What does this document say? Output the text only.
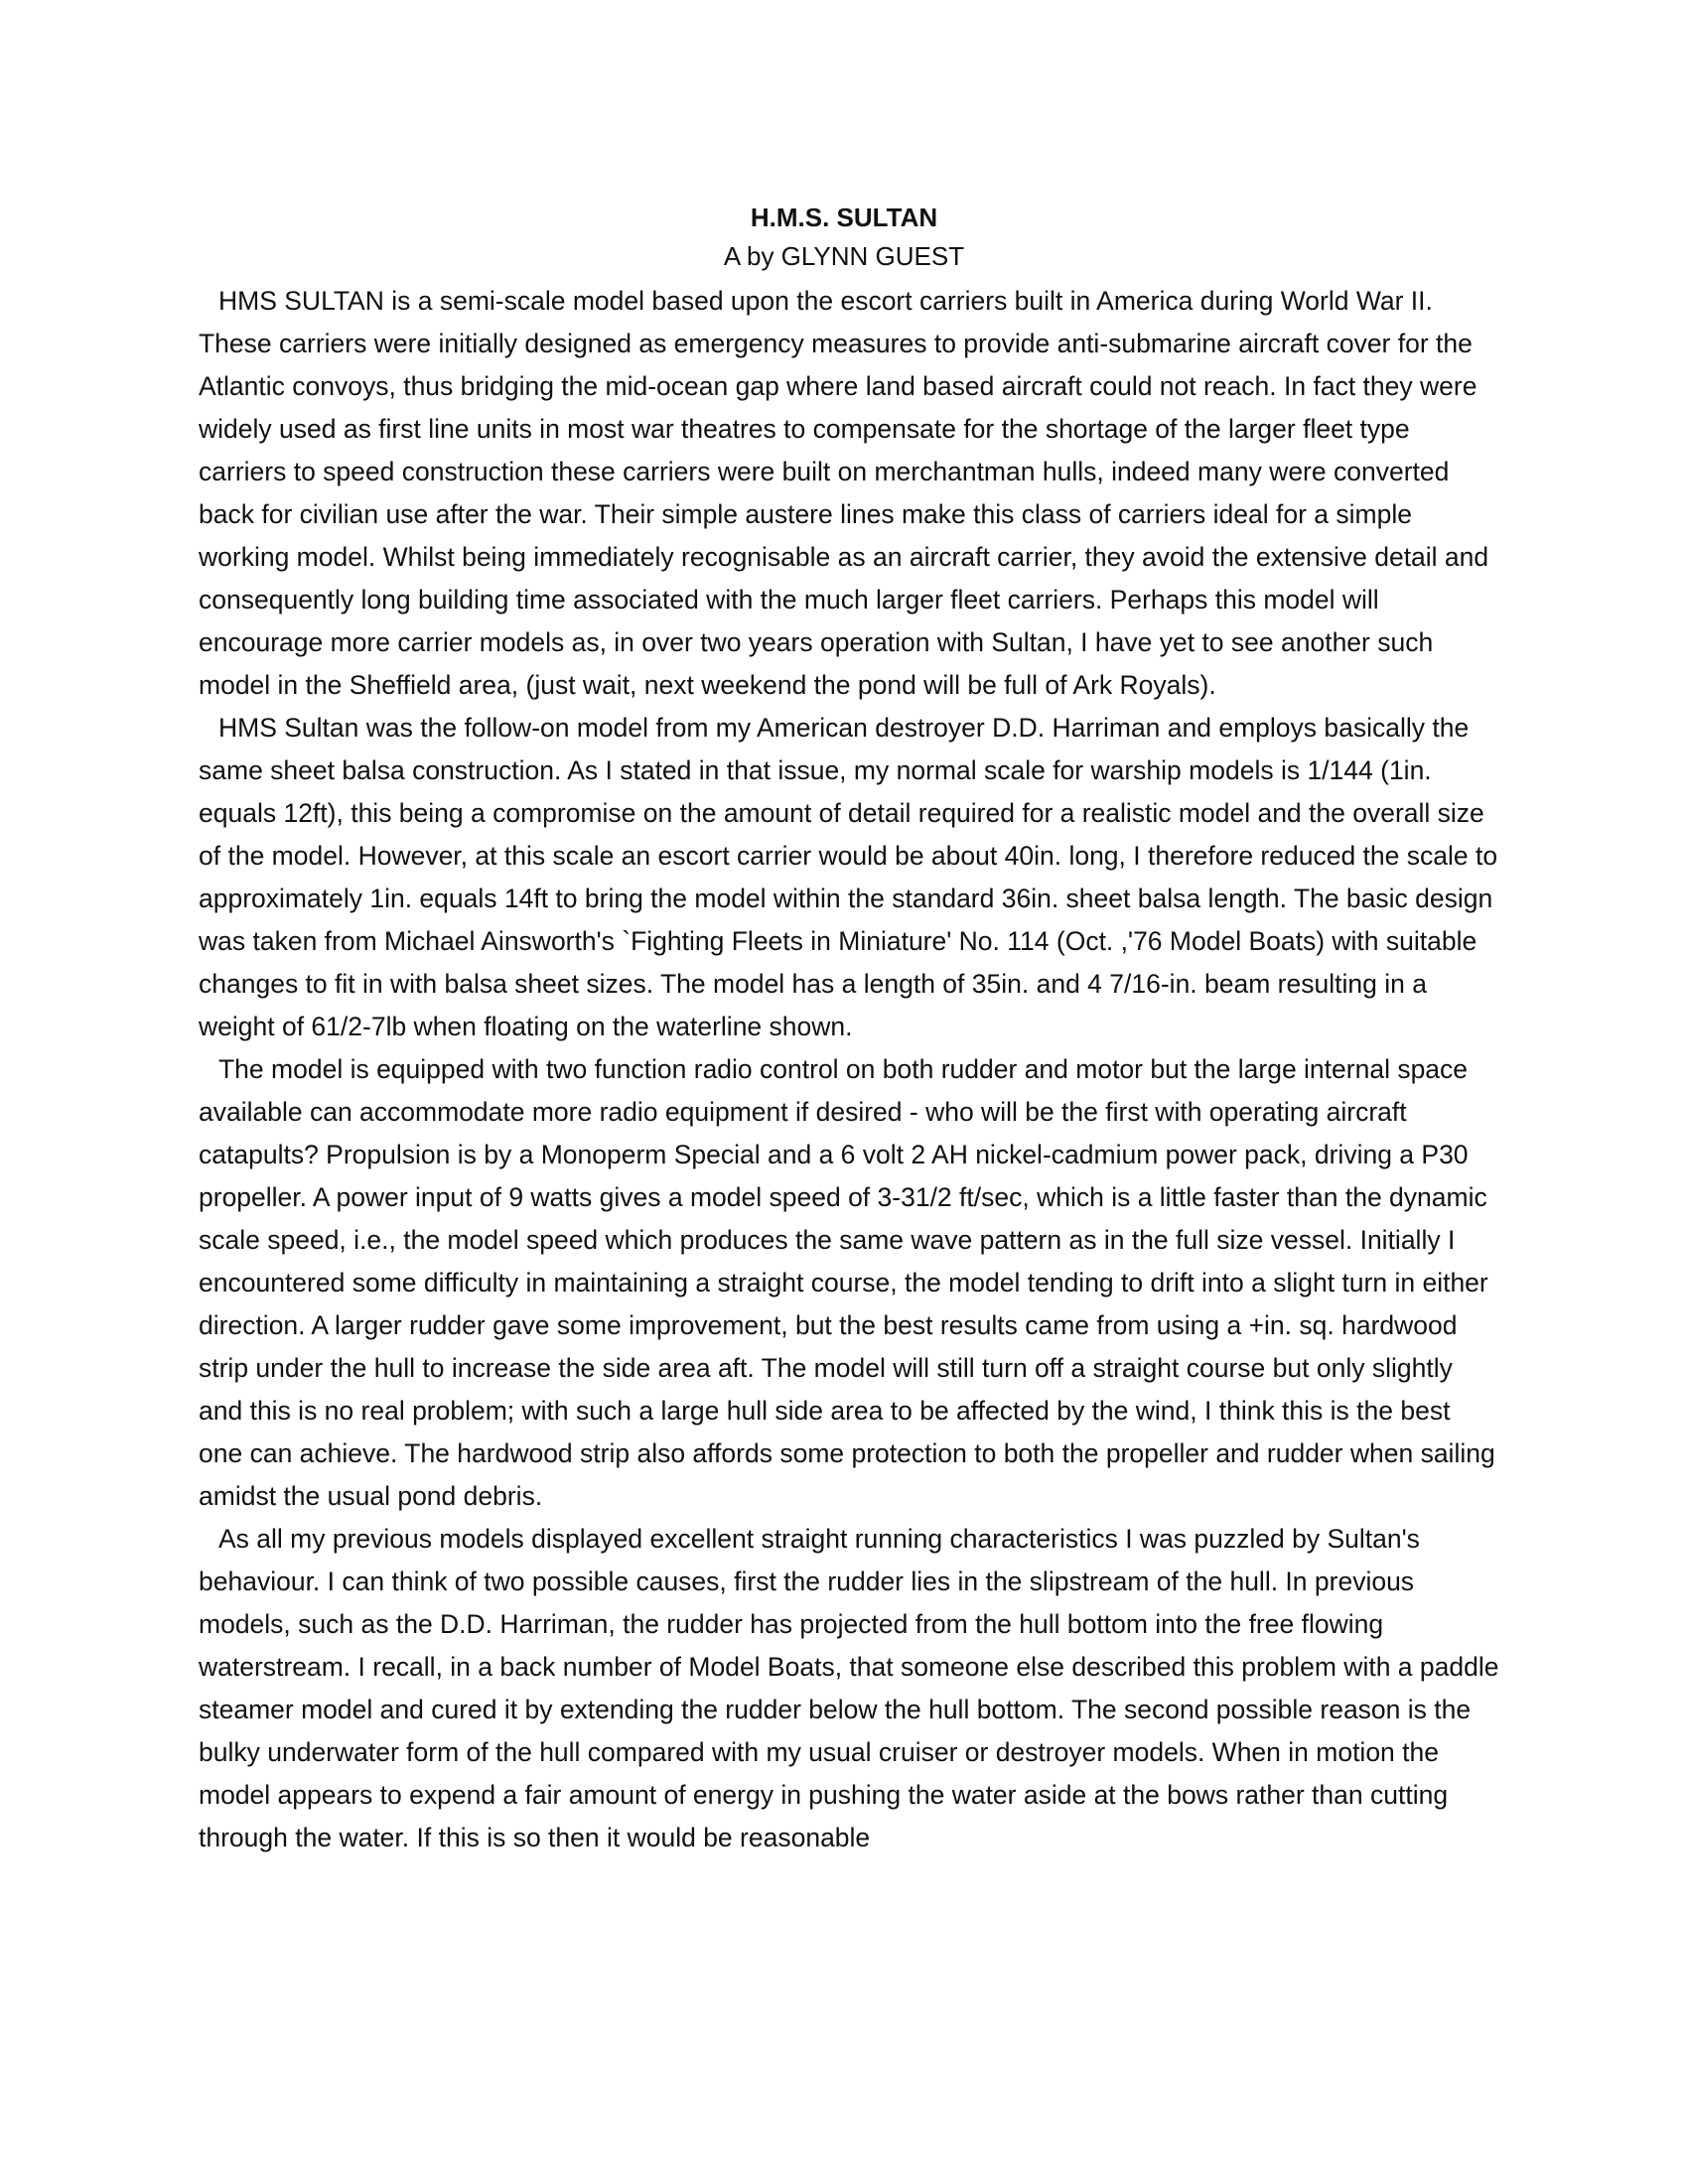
H.M.S. SULTAN
A by GLYNN GUEST

HMS SULTAN is a semi-scale model based upon the escort carriers built in America during World War II. These carriers were initially designed as emergency measures to provide anti-submarine aircraft cover for the Atlantic convoys, thus bridging the mid-ocean gap where land based aircraft could not reach. In fact they were widely used as first line units in most war theatres to compensate for the shortage of the larger fleet type carriers to speed construction these carriers were built on merchantman hulls, indeed many were converted back for civilian use after the war. Their simple austere lines make this class of carriers ideal for a simple working model. Whilst being immediately recognisable as an aircraft carrier, they avoid the extensive detail and consequently long building time associated with the much larger fleet carriers. Perhaps this model will encourage more carrier models as, in over two years operation with Sultan, I have yet to see another such model in the Sheffield area, (just wait, next weekend the pond will be full of Ark Royals).

HMS Sultan was the follow-on model from my American destroyer D.D. Harriman and employs basically the same sheet balsa construction. As I stated in that issue, my normal scale for warship models is 1/144 (1in. equals 12ft), this being a compromise on the amount of detail required for a realistic model and the overall size of the model. However, at this scale an escort carrier would be about 40in. long, I therefore reduced the scale to approximately 1in. equals 14ft to bring the model within the standard 36in. sheet balsa length. The basic design was taken from Michael Ainsworth's `Fighting Fleets in Miniature' No. 114 (Oct. ,'76 Model Boats) with suitable changes to fit in with balsa sheet sizes. The model has a length of 35in. and 4 7/16-in. beam resulting in a weight of 61/2-7lb when floating on the waterline shown.

The model is equipped with two function radio control on both rudder and motor but the large internal space available can accommodate more radio equipment if desired - who will be the first with operating aircraft catapults? Propulsion is by a Monoperm Special and a 6 volt 2 AH nickel-cadmium power pack, driving a P30 propeller. A power input of 9 watts gives a model speed of 3-31/2 ft/sec, which is a little faster than the dynamic scale speed, i.e., the model speed which produces the same wave pattern as in the full size vessel. Initially I encountered some difficulty in maintaining a straight course, the model tending to drift into a slight turn in either direction. A larger rudder gave some improvement, but the best results came from using a +in. sq. hardwood strip under the hull to increase the side area aft. The model will still turn off a straight course but only slightly and this is no real problem; with such a large hull side area to be affected by the wind, I think this is the best one can achieve. The hardwood strip also affords some protection to both the propeller and rudder when sailing amidst the usual pond debris.

As all my previous models displayed excellent straight running characteristics I was puzzled by Sultan's behaviour. I can think of two possible causes, first the rudder lies in the slipstream of the hull. In previous models, such as the D.D. Harriman, the rudder has projected from the hull bottom into the free flowing waterstream. I recall, in a back number of Model Boats, that someone else described this problem with a paddle steamer model and cured it by extending the rudder below the hull bottom. The second possible reason is the bulky underwater form of the hull compared with my usual cruiser or destroyer models. When in motion the model appears to expend a fair amount of energy in pushing the water aside at the bows rather than cutting through the water. If this is so then it would be reasonable
